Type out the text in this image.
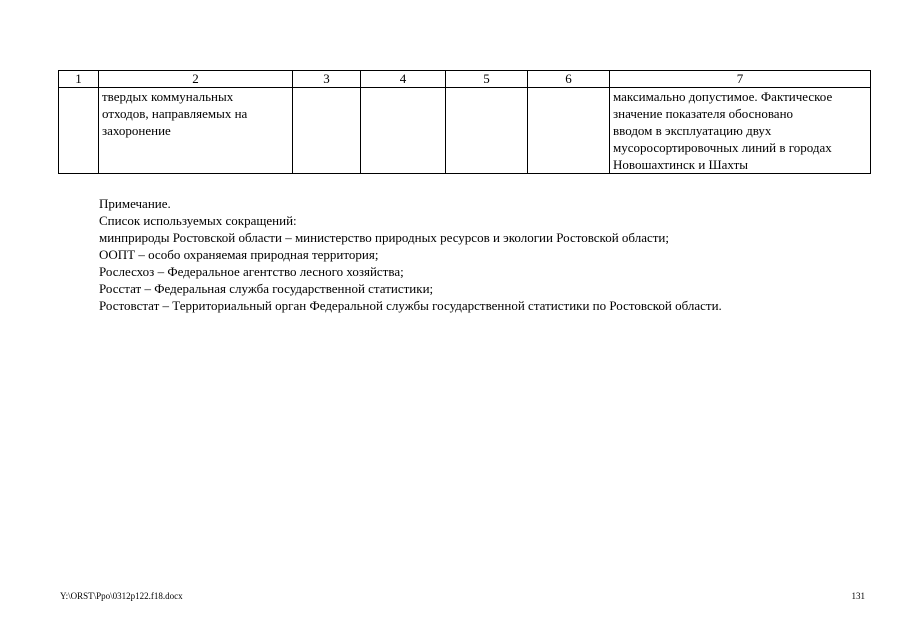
1	2	3	4	5	6	7
	твердых коммунальных
отходов, направляемых на
захоронение					максимально допустимое. Фактическое
значение показателя обосновано
вводом в эксплуатацию двух
мусоросортировочных линий в городах
Новошахтинск и Шахты
Примечание.
Список используемых сокращений:
минприроды Ростовской области – министерство природных ресурсов и экологии Ростовской области;
ООПТ – особо охраняемая природная территория;
Рослесхоз – Федеральное агентство лесного хозяйства;
Росстат – Федеральная служба государственной статистики;
Ростовстат – Территориальный орган Федеральной службы государственной статистики по Ростовской области.
Y:\ORST\Ppo\0312p122.f18.docx	131
